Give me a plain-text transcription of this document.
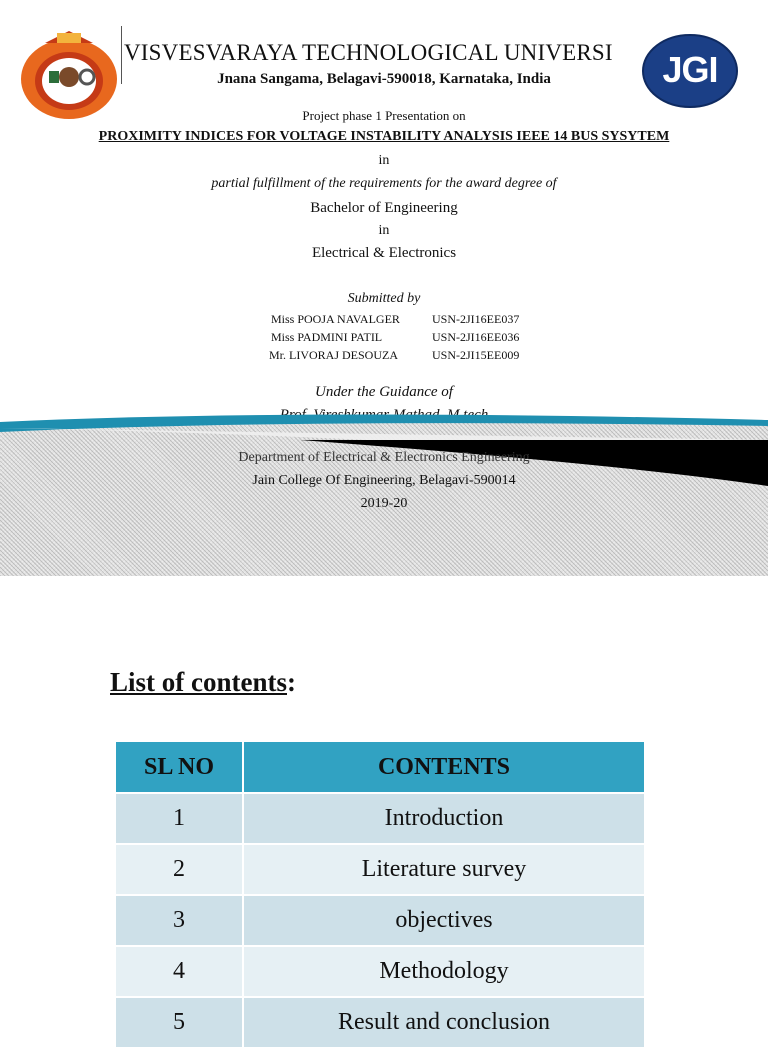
VISVESVARAYA TECHNOLOGICAL UNIVERSI
Jnana Sangama, Belagavi-590018, Karnataka, India	JGI
Project phase 1 Presentation on
PROXIMITY INDICES FOR VOLTAGE INSTABILITY ANALYSIS IEEE 14 BUS SYSYTEM
in
partial fulfillment of the requirements for the award degree of
Bachelor of Engineering
in
Electrical & Electronics
Submitted by
Miss POOJA NAVALGER	USN-2JI16EE037
Miss PADMINI PATIL	USN-2JI16EE036
Mr. LIVORAJ DESOUZA	USN-2JI15EE009
Under the Guidance of
Department of Electrical & Electronics Engineering
Jain College Of Engineering, Belagavi-590014
2019-20
List of contents:
SL NO	CONTENTS
1	Introduction
2	Literature survey
3	objectives
4	Methodology
5	Result and conclusion
